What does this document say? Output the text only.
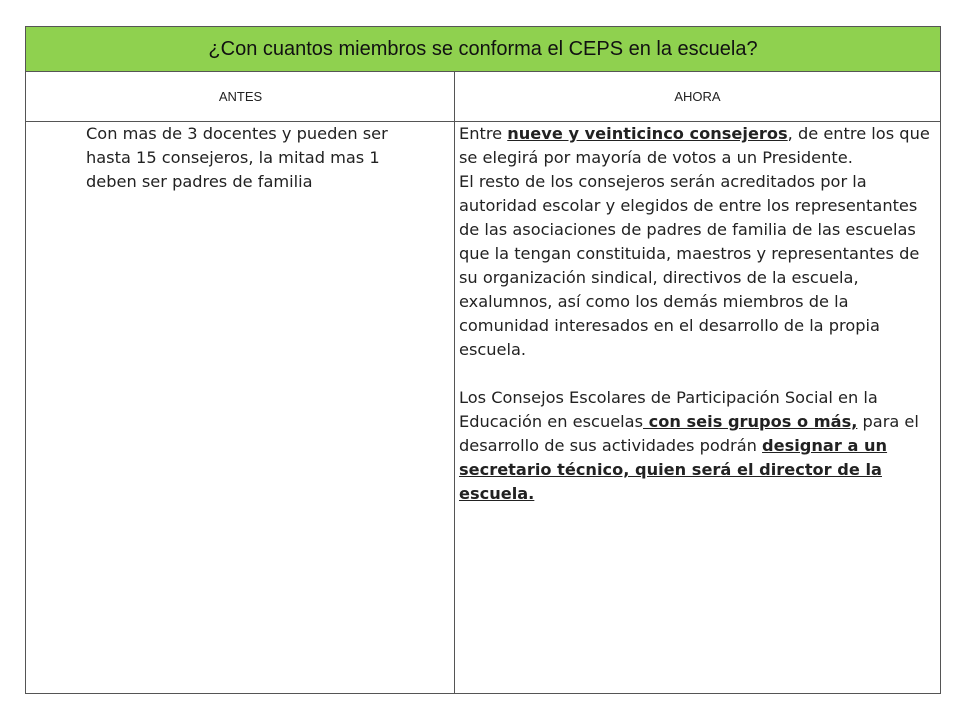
¿Con cuantos miembros se conforma el CEPS en la escuela?
ANTES	AHORA

Con mas de 3 docentes y pueden ser hasta 15 consejeros, la mitad mas 1 deben ser padres de familia

Entre nueve y veinticinco consejeros, de entre los que se elegirá por mayoría de votos a un Presidente.

El resto de los consejeros serán acreditados por la autoridad escolar y elegidos de entre los representantes de las asociaciones de padres de familia de las escuelas que la tengan constituida, maestros y representantes de su organización sindical, directivos de la escuela, exalumnos, así como los demás miembros de la comunidad interesados en el desarrollo de la propia escuela.

Los Consejos Escolares de Participación Social en la Educación en escuelas con seis grupos o más, para el desarrollo de sus actividades podrán designar a un secretario técnico, quien será el director de la escuela.
